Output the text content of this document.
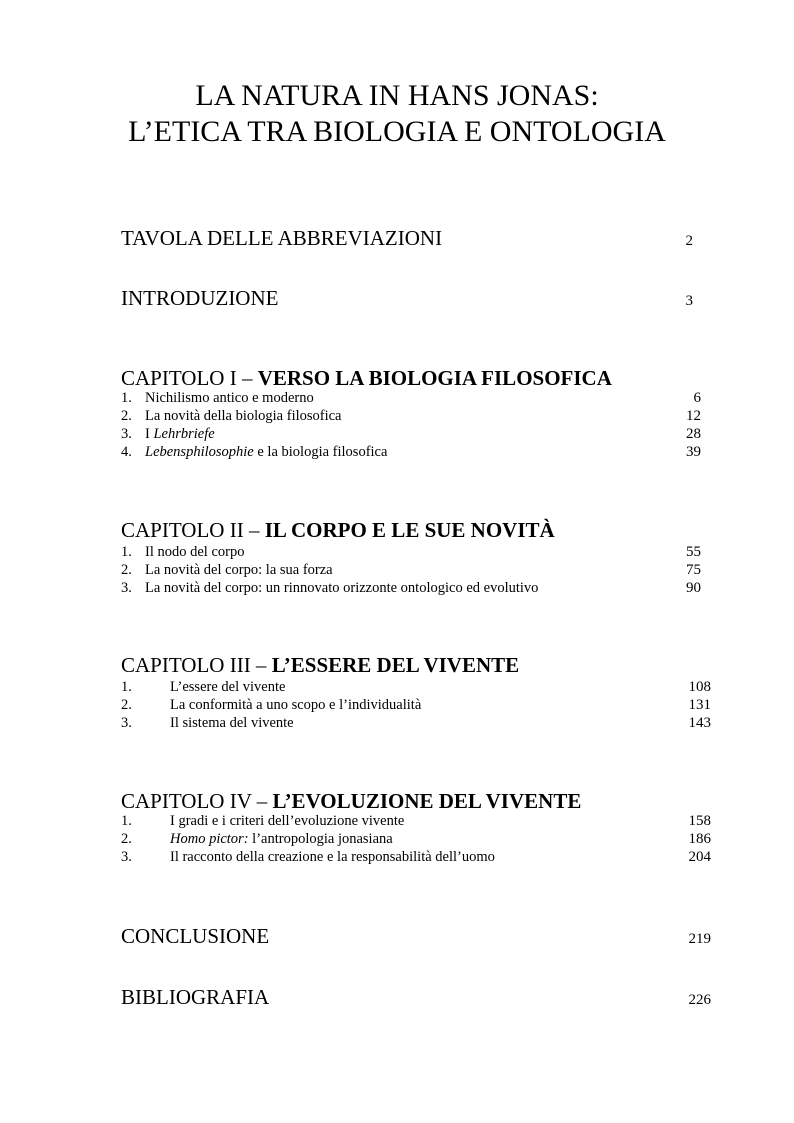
LA NATURA IN HANS JONAS:
L’ETICA TRA BIOLOGIA E ONTOLOGIA
TAVOLA DELLE ABBREVIAZIONI	2
INTRODUZIONE	3
CAPITOLO I – VERSO LA BIOLOGIA FILOSOFICA
1. Nichilismo antico e moderno	6
2. La novità della biologia filosofica	12
3. I Lehrbriefe	28
4. Lebensphilosophie e la biologia filosofica	39
CAPITOLO II – IL CORPO E LE SUE NOVITÀ
1. Il nodo del corpo	55
2. La novità del corpo: la sua forza	75
3. La novità del corpo: un rinnovato orizzonte ontologico ed evolutivo	90
CAPITOLO III – L’ESSERE DEL VIVENTE
1.	L’essere del vivente	108
2.	La conformità a uno scopo e l’individualità	131
3.	Il sistema del vivente	143
CAPITOLO IV – L’EVOLUZIONE DEL VIVENTE
1.	I gradi e i criteri dell’evoluzione vivente	158
2.	Homo pictor: l’antropologia jonasiana	186
3.	Il racconto della creazione e la responsabilità dell’uomo	204
CONCLUSIONE	219
BIBLIOGRAFIA	226
